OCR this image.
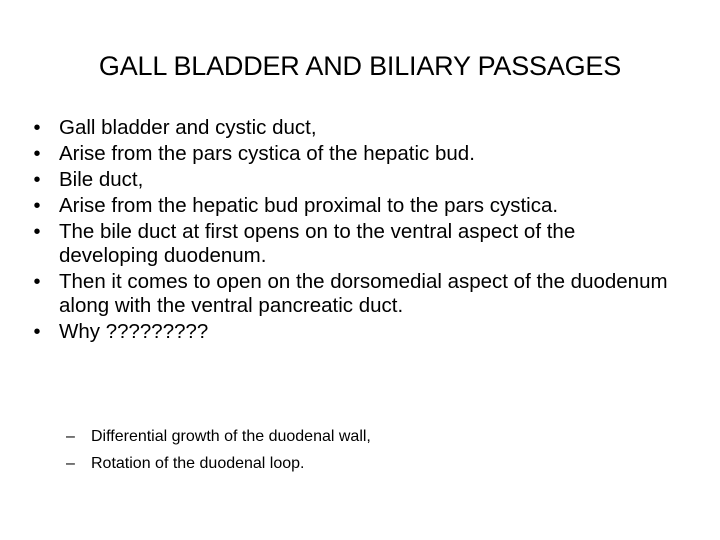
GALL BLADDER AND BILIARY PASSAGES
• Gall bladder and cystic duct,
• Arise from the pars cystica of the hepatic bud.
• Bile duct,
• Arise from the hepatic bud proximal to the pars cystica.
• The bile duct at first opens on to the ventral aspect of the developing duodenum.
• Then it comes to open on the dorsomedial aspect of the duodenum along with the ventral pancreatic duct.
• Why ?????????
– Differential growth of the duodenal wall,
– Rotation of the duodenal loop.
